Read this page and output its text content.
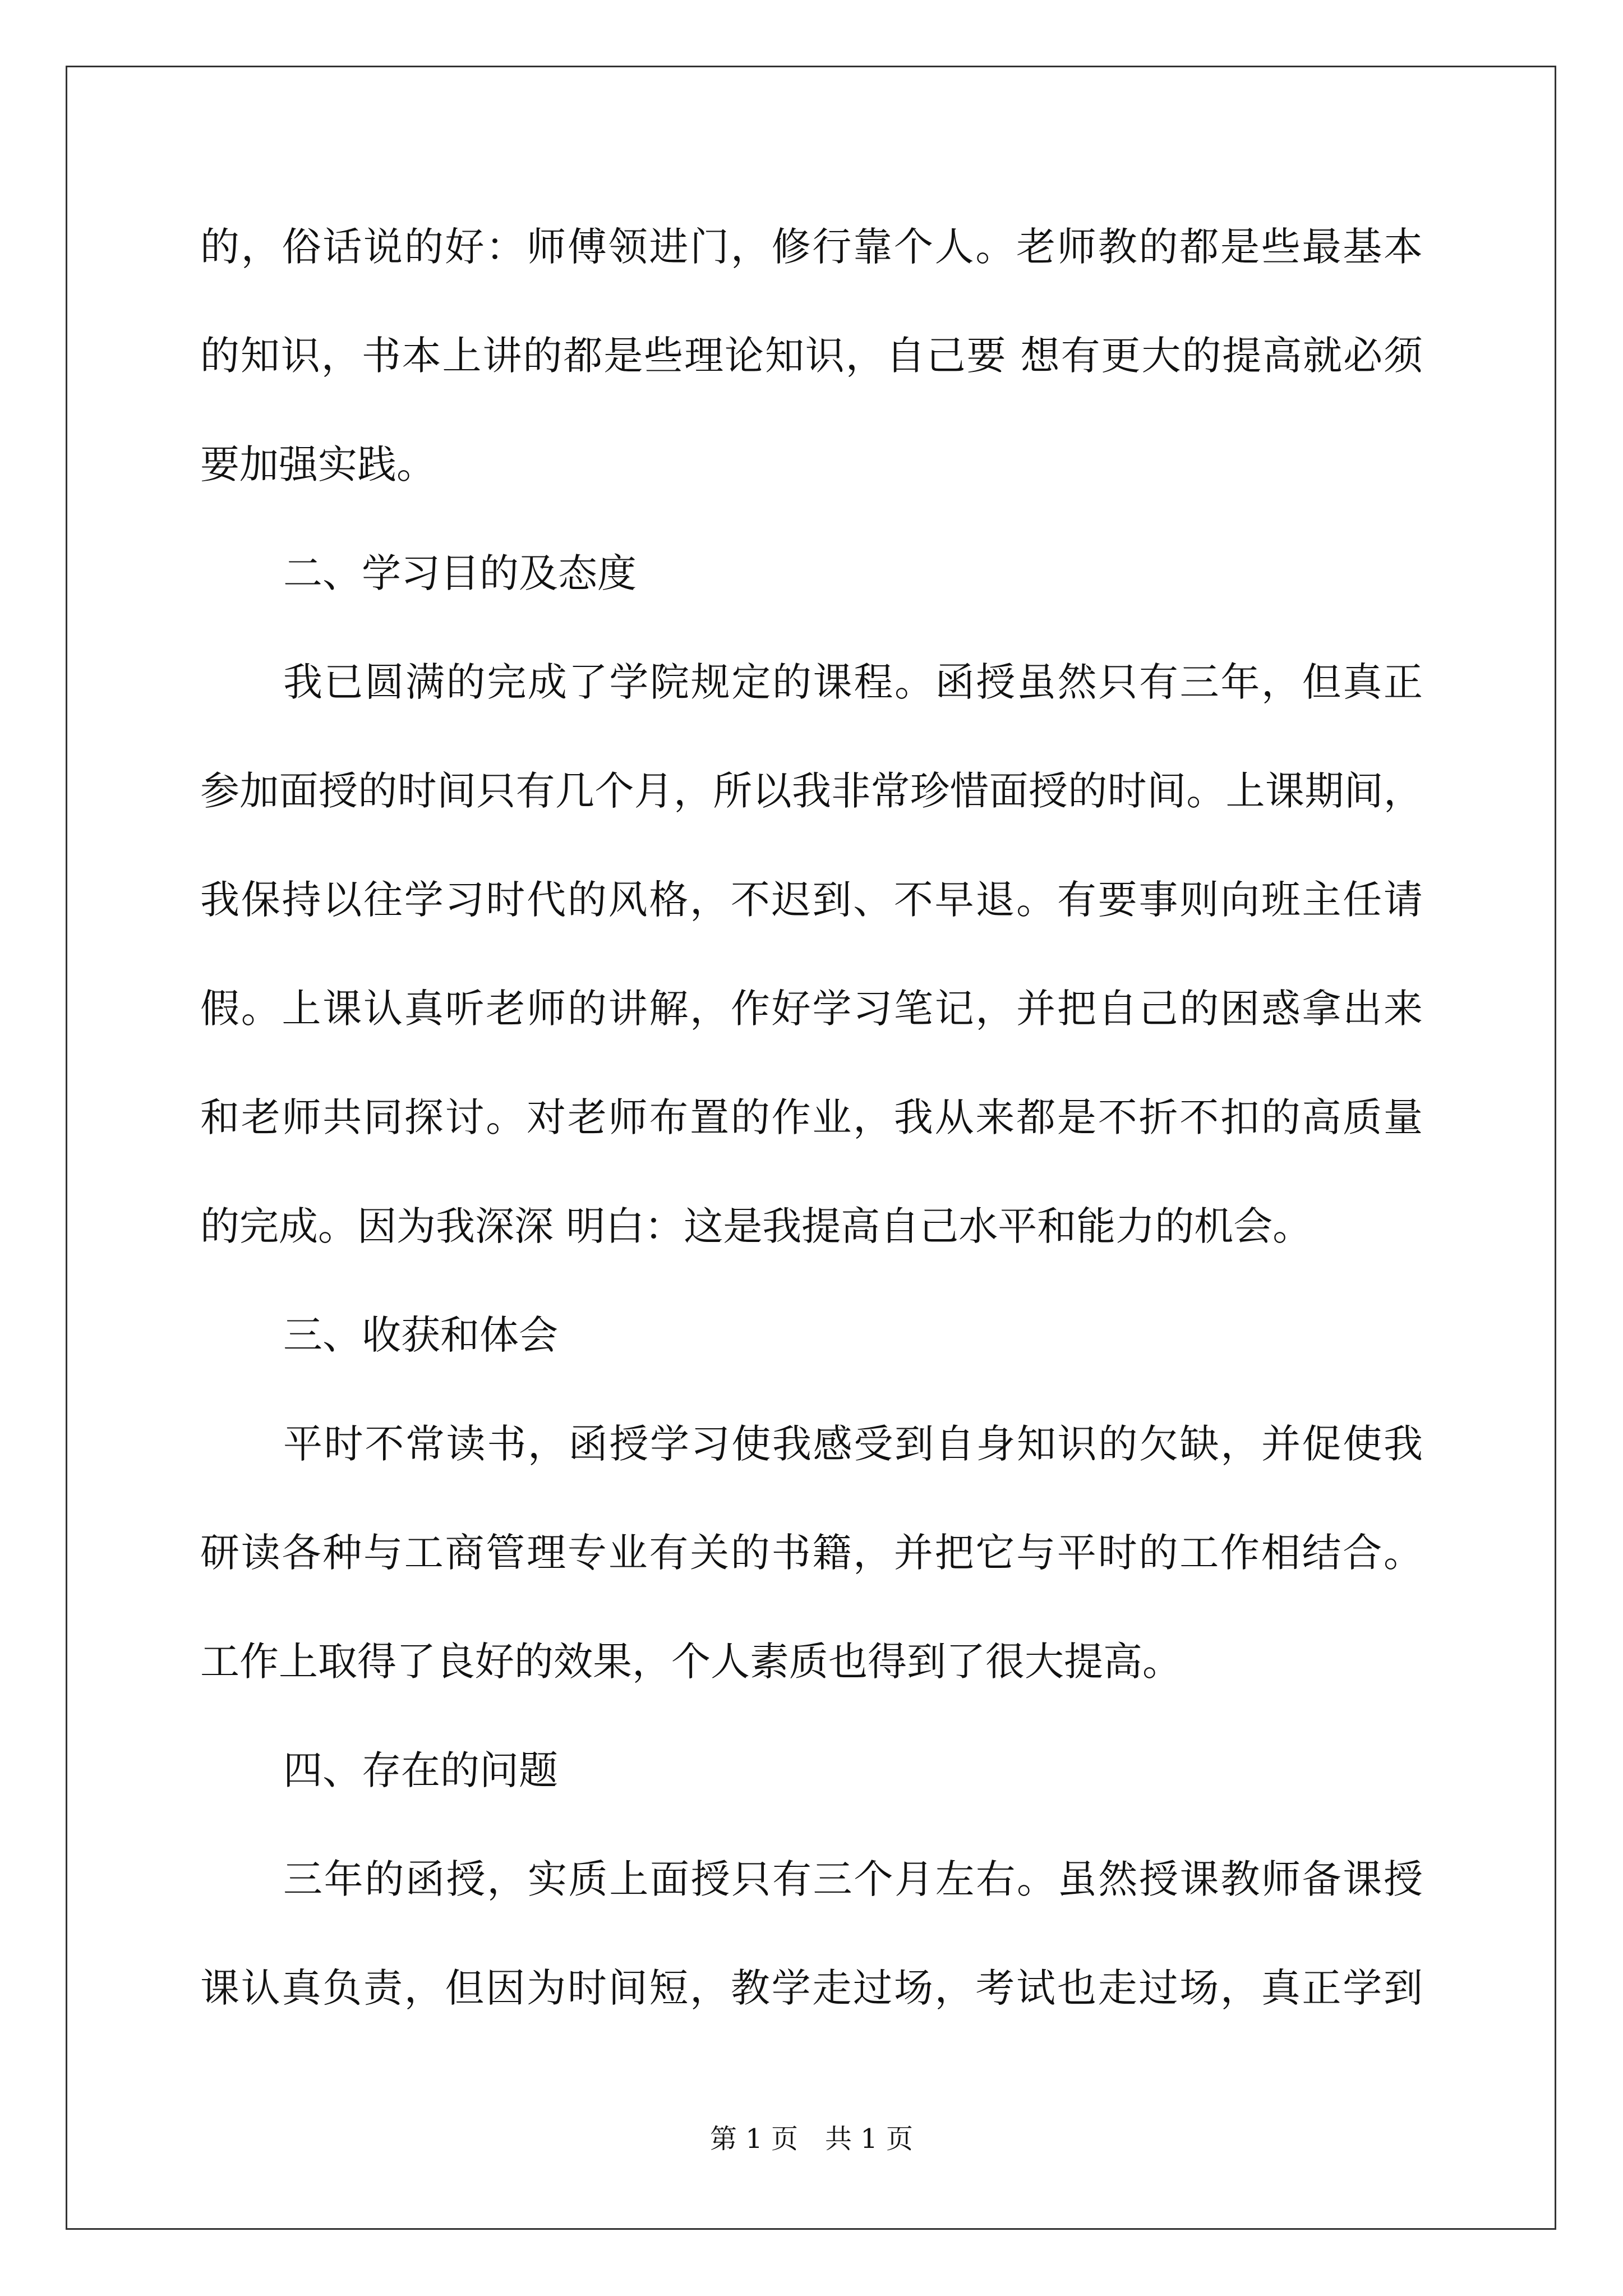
的，俗话说的好：师傅领进门，修行靠个人。老师教的都是些最基本
的知识，书本上讲的都是些理论知识，自己要 想有更大的提高就必须
要加强实践。
二、学习目的及态度
我已圆满的完成了学院规定的课程。函授虽然只有三年，但真正
参加面授的时间只有几个月，所以我非常珍惜面授的时间。上课期间，
我保持以往学习时代的风格，不迟到、不早退。有要事则向班主任请
假。上课认真听老师的讲解，作好学习笔记，并把自己的困惑拿出来
和老师共同探讨。对老师布置的作业，我从来都是不折不扣的高质量
的完成。因为我深深 明白：这是我提高自己水平和能力的机会。
三、收获和体会
平时不常读书，函授学习使我感受到自身知识的欠缺，并促使我
研读各种与工商管理专业有关的书籍，并把它与平时的工作相结合。
工作上取得了良好的效果，个人素质也得到了很大提高。
四、存在的问题
三年的函授，实质上面授只有三个月左右。虽然授课教师备课授
课认真负责，但因为时间短，教学走过场，考试也走过场，真正学到
第 1 页　共 1 页
